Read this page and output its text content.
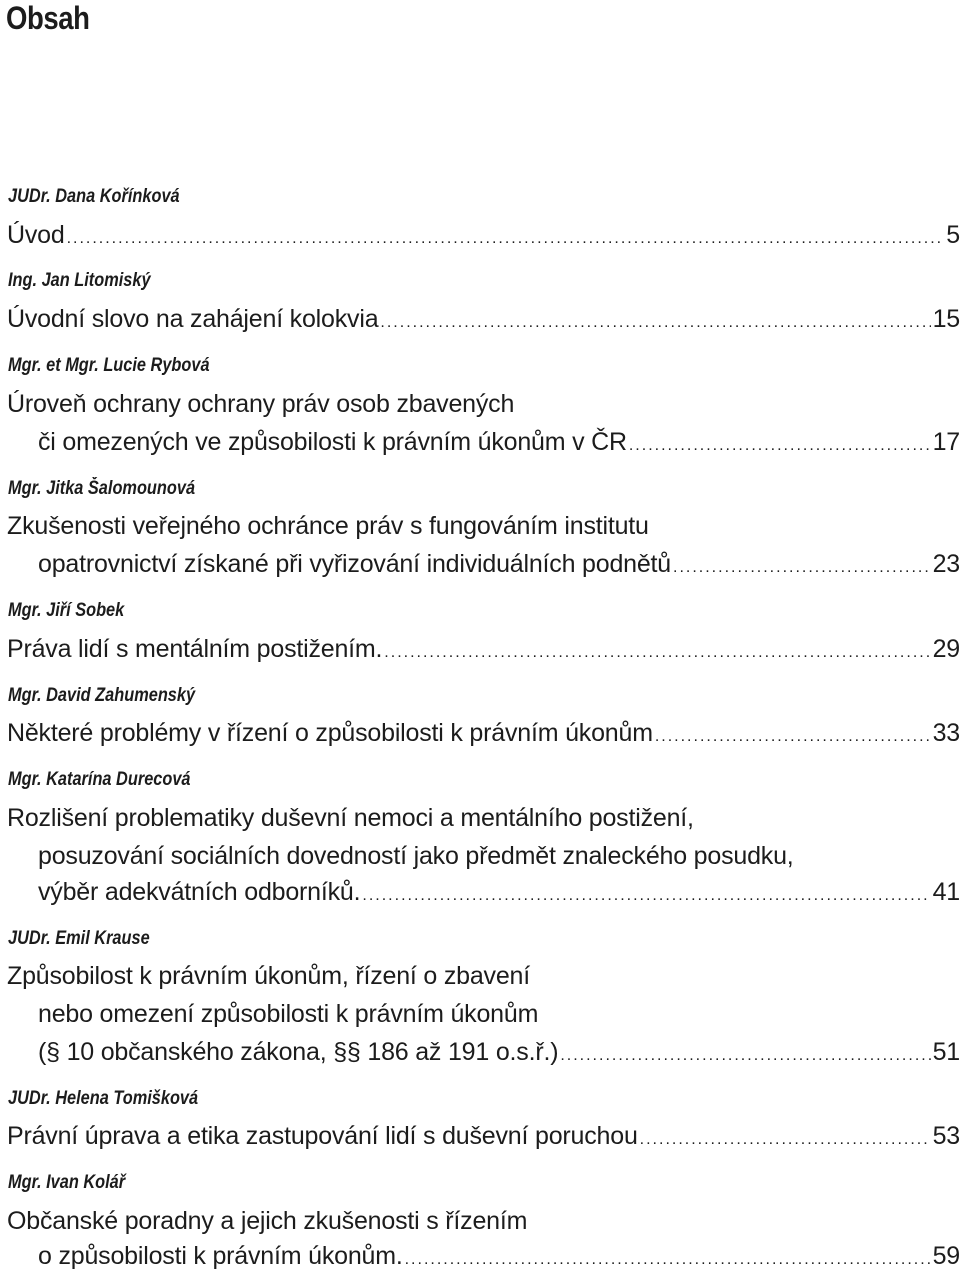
Obsah
JUDr. Dana Kořínková
Úvod .....	5
Ing. Jan Litomiský
Úvodní slovo na zahájení kolokvia .....	15
Mgr. et Mgr. Lucie Rybová
Úroveň ochrany ochrany práv osob zbavených
či omezených ve způsobilosti k právním úkonům v ČR .....	17
Mgr. Jitka Šalomounová
Zkušenosti veřejného ochránce práv s fungováním institutu
opatrovnictví získané při vyřizování individuálních podnětů .....	23
Mgr. Jiří Sobek
Práva lidí s mentálním postižením. .....	29
Mgr. David Zahumenský
Některé problémy v řízení o způsobilosti k právním úkonům .....	33
Mgr. Katarína Durecová
Rozlišení problematiky duševní nemoci a mentálního postižení,
posuzování sociálních dovedností jako předmět znaleckého posudku,
výběr adekvátních odborníků. .....	41
JUDr. Emil Krause
Způsobilost k právním úkonům, řízení o zbavení
nebo omezení způsobilosti k právním úkonům
(§ 10 občanského zákona, §§ 186 až 191 o.s.ř.) .....	51
JUDr. Helena Tomišková
Právní úprava a etika zastupování lidí s duševní poruchou .....	53
Mgr. Ivan Kolář
Občanské poradny a jejich zkušenosti s řízením
o způsobilosti k právním úkonům. .....	59
